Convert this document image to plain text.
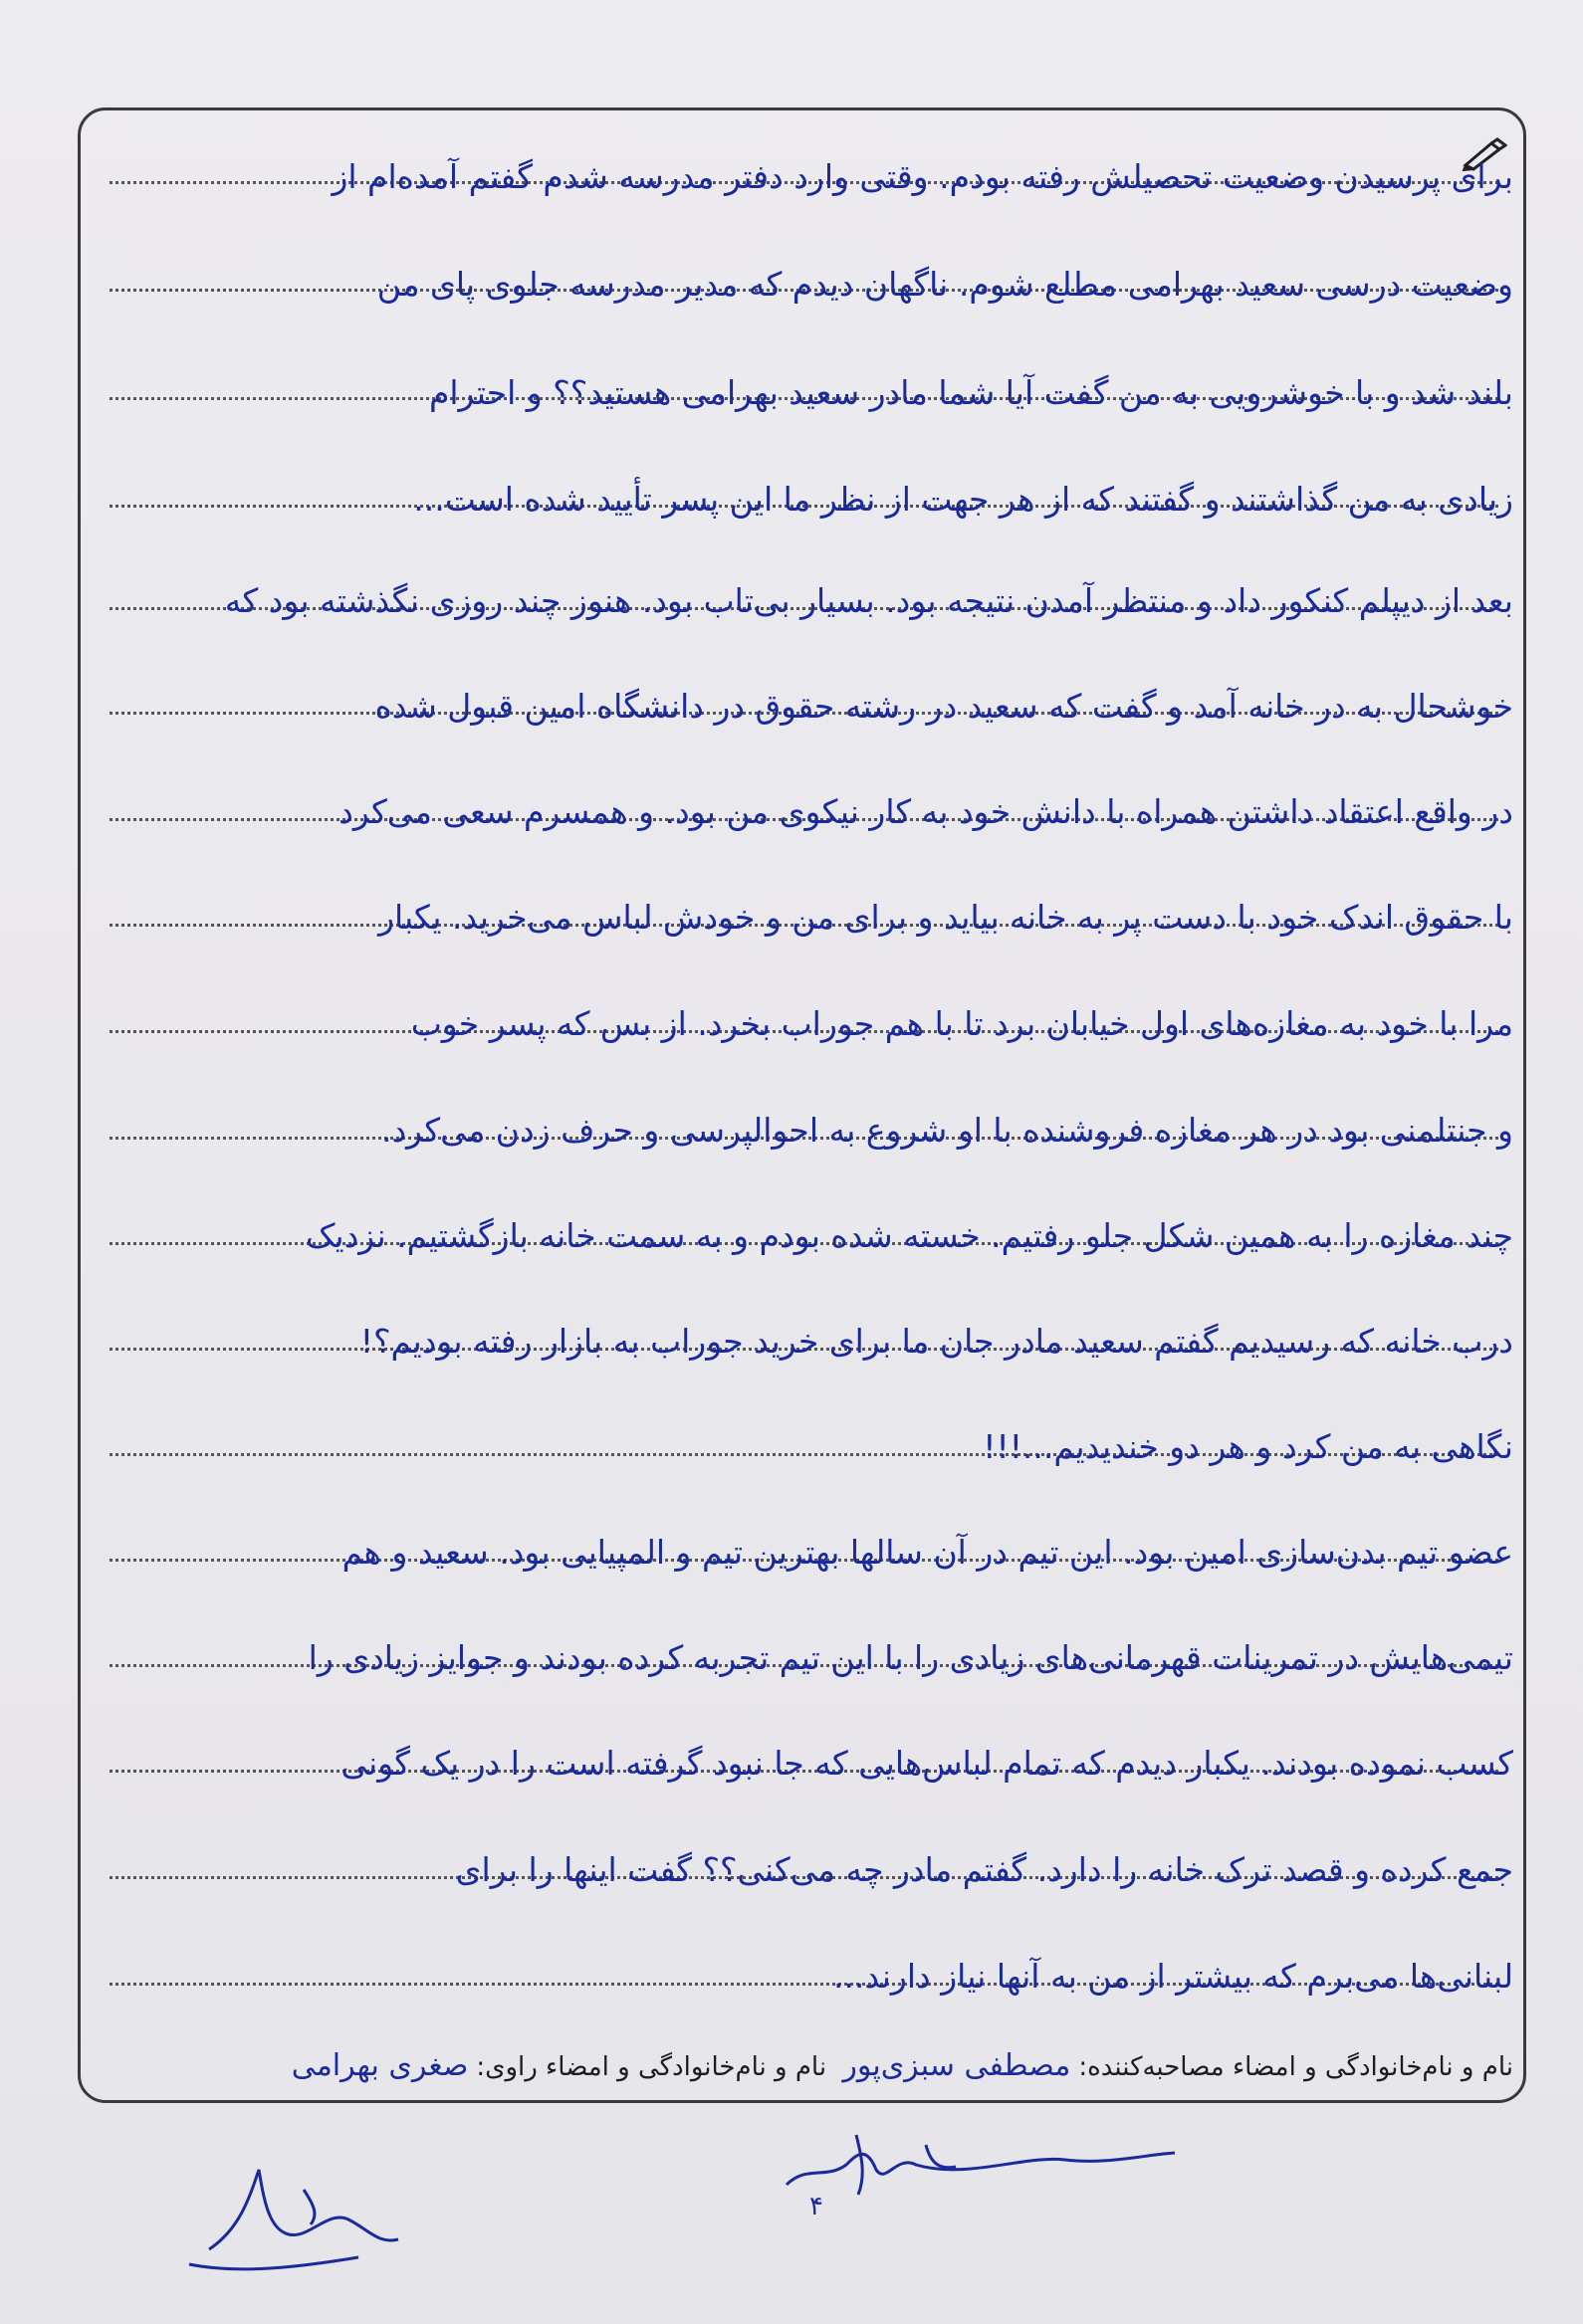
برای پرسیدن وضعیت تحصیلش رفته بودم. وقتی وارد دفتر مدرسه شدم گفتم آمده‌ام از
وضعیت درسی سعید بهرامی مطلع شوم. ناگهان دیدم که مدیر مدرسه جلوی پای من
بلند شد و با خوشرویی به من گفت آیا شما مادر سعید بهرامی هستید؟؟ و احترام
زیادی به من گذاشتند و گفتند که از هر جهت از نظر ما این پسر تأیید شده است...
بعد از دیپلم کنکور داد و منتظر آمدن نتیجه بود. بسیار بی‌تاب بود. هنوز چند روزی نگذشته بود که
خوشحال به در خانه آمد و گفت که سعید در رشته حقوق در دانشگاه امین قبول شده
در واقع اعتقاد داشتن همراه با دانش خود به کار نیکوی من بود. و همسرم سعی می‌کرد
با حقوق اندک خود با دست پر به خانه بیاید و برای من و خودش لباس می‌خرید. یکبار
مرا با خود به مغازه‌های اول خیابان برد تا با هم جوراب بخرد. از بس که پسر خوب
و جنتلمنی بود در هر مغازه فروشنده با او شروع به احوالپرسی و حرف زدن می‌کرد.
چند مغازه را به همین شکل جلو رفتیم. خسته شده بودم و به سمت خانه بازگشتیم. نزدیک
درب خانه که رسیدیم گفتم سعید مادر جان ما برای خرید جوراب به بازار رفته بودیم؟!
نگاهی به من کرد و هر دو خندیدیم...!!!
عضو تیم بدن‌سازی امین بود. این تیم در آن سالها بهترین تیم و المپیایی بود. سعید و هم
تیمی‌هایش در تمرینات قهرمانی‌های زیادی را با این تیم تجربه کرده بودند و جوایز زیادی را
کسب نموده بودند. یکبار دیدم که تمام لباس‌هایی که جا نبود گرفته است را در یک گونی
جمع کرده و قصد ترک خانه را دارد. گفتم مادر چه می‌کنی؟؟ گفت اینها را برای
لبنانی‌ها می‌برم که بیشتر از من به آنها نیاز دارند...
نام و نام‌خانوادگی و امضاء مصاحبه‌کننده:مصطفی سبزی‌پور نام و نام‌خانوادگی و امضاء راوی:صغری بهرامی
۴
